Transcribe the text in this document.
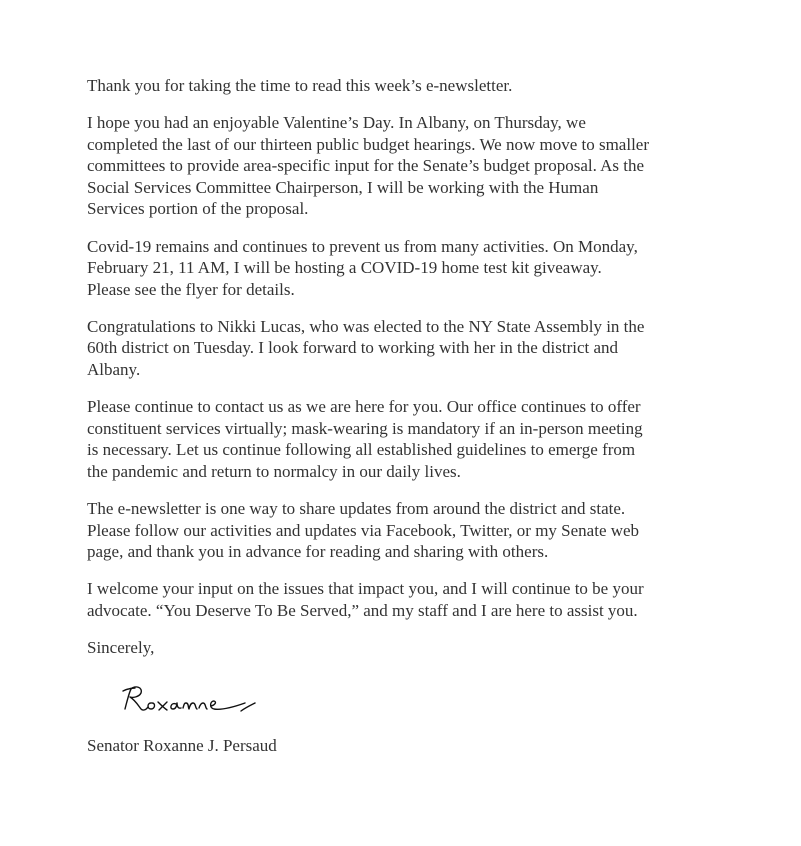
Thank you for taking the time to read this week’s e-newsletter.

I hope you had an enjoyable Valentine’s Day. In Albany, on Thursday, we
completed the last of our thirteen public budget hearings. We now move to smaller
committees to provide area-specific input for the Senate’s budget proposal. As the
Social Services Committee Chairperson, I will be working with the Human
Services portion of the proposal.

Covid-19 remains and continues to prevent us from many activities. On Monday,
February 21, 11 AM, I will be hosting a COVID-19 home test kit giveaway.
Please see the flyer for details.

Congratulations to Nikki Lucas, who was elected to the NY State Assembly in the
60th district on Tuesday. I look forward to working with her in the district and
Albany.

Please continue to contact us as we are here for you. Our office continues to offer
constituent services virtually; mask-wearing is mandatory if an in-person meeting
is necessary. Let us continue following all established guidelines to emerge from
the pandemic and return to normalcy in our daily lives.

The e-newsletter is one way to share updates from around the district and state.
Please follow our activities and updates via Facebook, Twitter, or my Senate web
page, and thank you in advance for reading and sharing with others.

I welcome your input on the issues that impact you, and I will continue to be your
advocate. “You Deserve To Be Served,” and my staff and I are here to assist you.

Sincerely,

Senator Roxanne J. Persaud
